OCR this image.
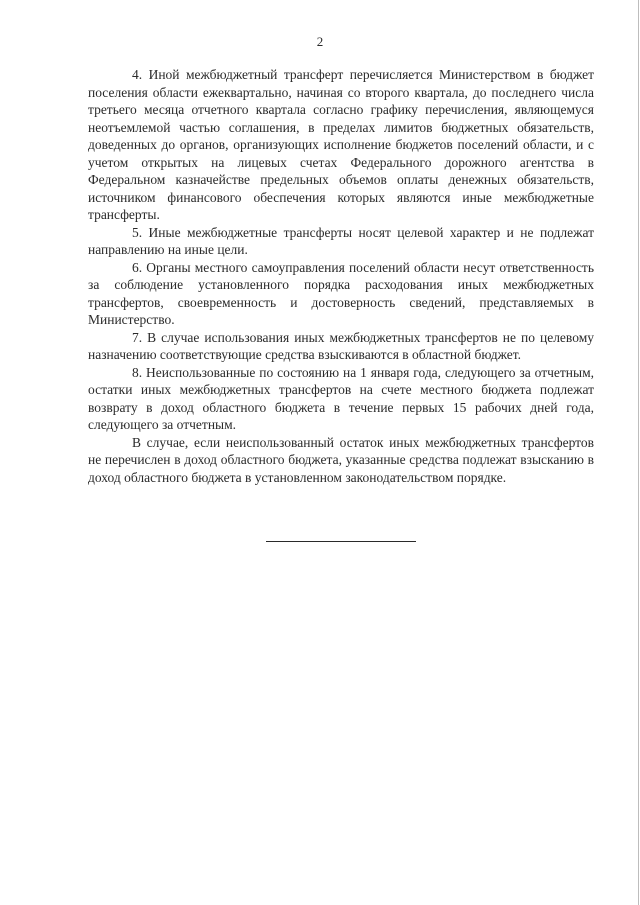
2

4. Иной межбюджетный трансферт перечисляется Министерством в бюджет поселения области ежеквартально, начиная со второго квартала, до последнего числа третьего месяца отчетного квартала согласно графику перечисления, являющемуся неотъемлемой частью соглашения, в пределах лимитов бюджетных обязательств, доведенных до органов, организующих исполнение бюджетов поселений области, и с учетом открытых на лицевых счетах Федерального дорожного агентства в Федеральном казначействе предельных объемов оплаты денежных обязательств, источником финансового обеспечения которых являются иные межбюджетные трансферты.

5. Иные межбюджетные трансферты носят целевой характер и не подлежат направлению на иные цели.

6. Органы местного самоуправления поселений области несут ответственность за соблюдение установленного порядка расходования иных межбюджетных трансфертов, своевременность и достоверность сведений, представляемых в Министерство.

7. В случае использования иных межбюджетных трансфертов не по целевому назначению соответствующие средства взыскиваются в областной бюджет.

8. Неиспользованные по состоянию на 1 января года, следующего за отчетным, остатки иных межбюджетных трансфертов на счете местного бюджета подлежат возврату в доход областного бюджета в течение первых 15 рабочих дней года, следующего за отчетным.

В случае, если неиспользованный остаток иных межбюджетных трансфертов не перечислен в доход областного бюджета, указанные средства подлежат взысканию в доход областного бюджета в установленном законодательством порядке.
